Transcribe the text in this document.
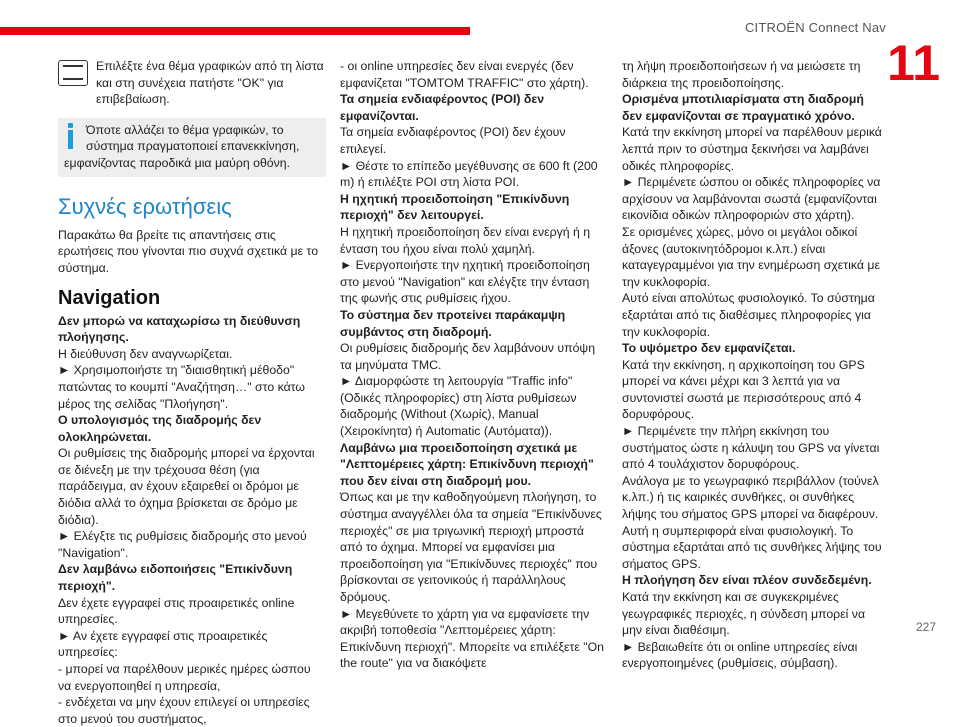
CITROËN Connect Nav
11
227

Επιλέξτε ένα θέμα γραφικών από τη λίστα και στη συνέχεια πατήστε "OK" για επιβεβαίωση.

Όποτε αλλάζει το θέμα γραφικών, το σύστημα πραγματοποιεί επανεκκίνηση, εμφανίζοντας παροδικά μια μαύρη οθόνη.

Συχνές ερωτήσεις

Παρακάτω θα βρείτε τις απαντήσεις στις ερωτήσεις που γίνονται πιο συχνά σχετικά με το σύστημα.

Navigation

Δεν μπορώ να καταχωρίσω τη διεύθυνση πλοήγησης.

Η διεύθυνση δεν αναγνωρίζεται.

► Χρησιμοποιήστε τη "διαισθητική μέθοδο" πατώντας το κουμπί "Αναζήτηση…" στο κάτω μέρος της σελίδας "Πλοήγηση".

Ο υπολογισμός της διαδρομής δεν ολοκληρώνεται.

Οι ρυθμίσεις της διαδρομής μπορεί να έρχονται σε διένεξη με την τρέχουσα θέση (για παράδειγμα, αν έχουν εξαιρεθεί οι δρόμοι με διόδια αλλά το όχημα βρίσκεται σε δρόμο με διόδια).

► Ελέγξτε τις ρυθμίσεις διαδρομής στο μενού "Navigation".

Δεν λαμβάνω ειδοποιήσεις "Επικίνδυνη περιοχή".

Δεν έχετε εγγραφεί στις προαιρετικές online υπηρεσίες.

► Αν έχετε εγγραφεί στις προαιρετικές υπηρεσίες:

- μπορεί να παρέλθουν μερικές ημέρες ώσπου να ενεργοποιηθεί η υπηρεσία,

- ενδέχεται να μην έχουν επιλεγεί οι υπηρεσίες στο μενού του συστήματος,

- οι online υπηρεσίες δεν είναι ενεργές (δεν εμφανίζεται "TOMTOM TRAFFIC" στο χάρτη).

Τα σημεία ενδιαφέροντος (POI) δεν εμφανίζονται.

Τα σημεία ενδιαφέροντος (POI) δεν έχουν επιλεγεί.

► Θέστε το επίπεδο μεγέθυνσης σε 600 ft (200 m) ή επιλέξτε POI στη λίστα POI.

Η ηχητική προειδοποίηση "Επικίνδυνη περιοχή" δεν λειτουργεί.

Η ηχητική προειδοποίηση δεν είναι ενεργή ή η ένταση του ήχου είναι πολύ χαμηλή.

► Ενεργοποιήστε την ηχητική προειδοποίηση στο μενού "Navigation" και ελέγξτε την ένταση της φωνής στις ρυθμίσεις ήχου.

Το σύστημα δεν προτείνει παράκαμψη συμβάντος στη διαδρομή.

Οι ρυθμίσεις διαδρομής δεν λαμβάνουν υπόψη τα μηνύματα TMC.

► Διαμορφώστε τη λειτουργία "Traffic info" (Οδικές πληροφορίες) στη λίστα ρυθμίσεων διαδρομής (Without (Χωρίς), Manual (Χειροκίνητα) ή Automatic (Αυτόματα)).

Λαμβάνω μια προειδοποίηση σχετικά με "Λεπτομέρειες χάρτη: Επικίνδυνη περιοχή" που δεν είναι στη διαδρομή μου.

Όπως και με την καθοδηγούμενη πλοήγηση, το σύστημα αναγγέλλει όλα τα σημεία "Επικίνδυνες περιοχές" σε μια τριγωνική περιοχή μπροστά από το όχημα. Μπορεί να εμφανίσει μια προειδοποίηση για "Επικίνδυνες περιοχές" που βρίσκονται σε γειτονικούς ή παράλληλους δρόμους.

► Μεγεθύνετε το χάρτη για να εμφανίσετε την ακριβή τοποθεσία "Λεπτομέρειες χάρτη: Επικίνδυνη περιοχή". Μπορείτε να επιλέξετε "On the route" για να διακόψετε

τη λήψη προειδοποιήσεων ή να μειώσετε τη διάρκεια της προειδοποίησης.

Ορισμένα μποτιλιαρίσματα στη διαδρομή δεν εμφανίζονται σε πραγματικό χρόνο.

Κατά την εκκίνηση μπορεί να παρέλθουν μερικά λεπτά πριν το σύστημα ξεκινήσει να λαμβάνει οδικές πληροφορίες.

► Περιμένετε ώσπου οι οδικές πληροφορίες να αρχίσουν να λαμβάνονται σωστά (εμφανίζονται εικονίδια οδικών πληροφοριών στο χάρτη).

Σε ορισμένες χώρες, μόνο οι μεγάλοι οδικοί άξονες (αυτοκινητόδρομοι κ.λπ.) είναι καταγεγραμμένοι για την ενημέρωση σχετικά με την κυκλοφορία.

Αυτό είναι απολύτως φυσιολογικό. Το σύστημα εξαρτάται από τις διαθέσιμες πληροφορίες για την κυκλοφορία.

Το υψόμετρο δεν εμφανίζεται.

Κατά την εκκίνηση, η αρχικοποίηση του GPS μπορεί να κάνει μέχρι και 3 λεπτά για να συντονιστεί σωστά με περισσότερους από 4 δορυφόρους.

► Περιμένετε την πλήρη εκκίνηση του συστήματος ώστε η κάλυψη του GPS να γίνεται από 4 τουλάχιστον δορυφόρους.

Ανάλογα με το γεωγραφικό περιβάλλον (τούνελ κ.λπ.) ή τις καιρικές συνθήκες, οι συνθήκες λήψης του σήματος GPS μπορεί να διαφέρουν.

Αυτή η συμπεριφορά είναι φυσιολογική. Το σύστημα εξαρτάται από τις συνθήκες λήψης του σήματος GPS.

Η πλοήγηση δεν είναι πλέον συνδεδεμένη.

Κατά την εκκίνηση και σε συγκεκριμένες γεωγραφικές περιοχές, η σύνδεση μπορεί να μην είναι διαθέσιμη.

► Βεβαιωθείτε ότι οι online υπηρεσίες είναι ενεργοποιημένες (ρυθμίσεις, σύμβαση).
